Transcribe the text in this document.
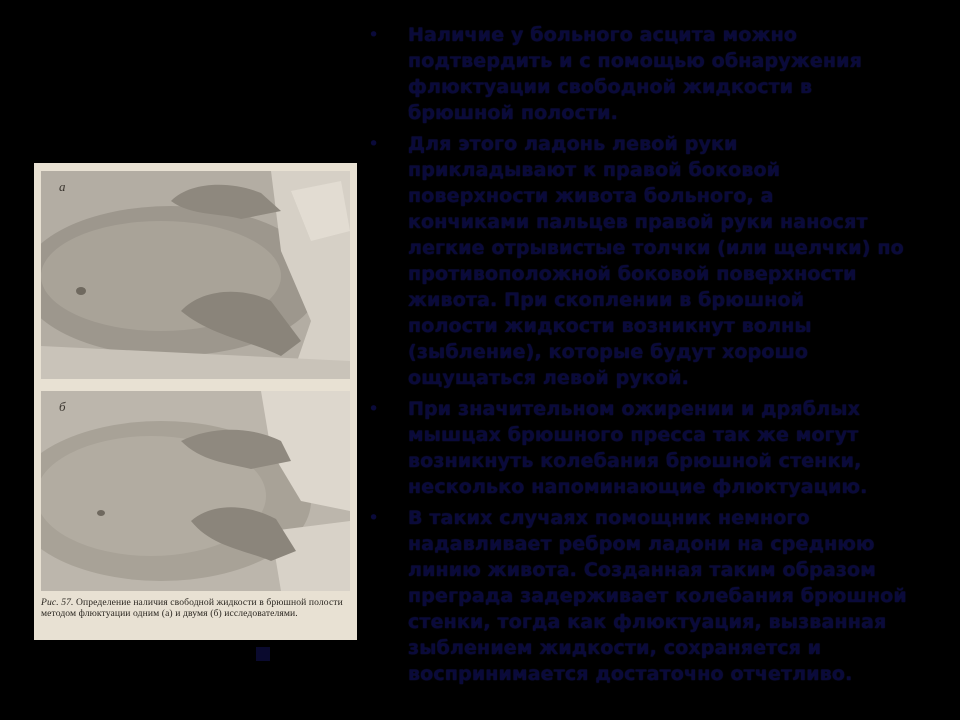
a
б
Рис. 57. Определение наличия свободной жидкости в брюшной полости методом флюктуации одним (а) и двумя (б) исследователями.
• Наличие у больного асцита можно
подтвердить и с помощью обнаружения
флюктуации свободной жидкости в
брюшной полости.
• Для этого ладонь левой руки
прикладывают к правой боковой
поверхности живота больного, а
кончиками пальцев правой руки наносят
легкие отрывистые толчки (или щелчки) по
противоположной боковой поверхности
живота. При скоплении в брюшной
полости жидкости возникнут волны
(зыбление), которые будут хорошо
ощущаться левой рукой.
• При значительном ожирении и дряблых
мышцах брюшного пресса так же могут
возникнуть колебания брюшной стенки,
несколько напоминающие флюктуацию.
• В таких случаях помощник немного
надавливает ребром ладони на среднюю
линию живота. Созданная таким образом
преграда задерживает колебания брюшной
стенки, тогда как флюктуация, вызванная
зыблением жидкости, сохраняется и
воспринимается достаточно отчетливо.
